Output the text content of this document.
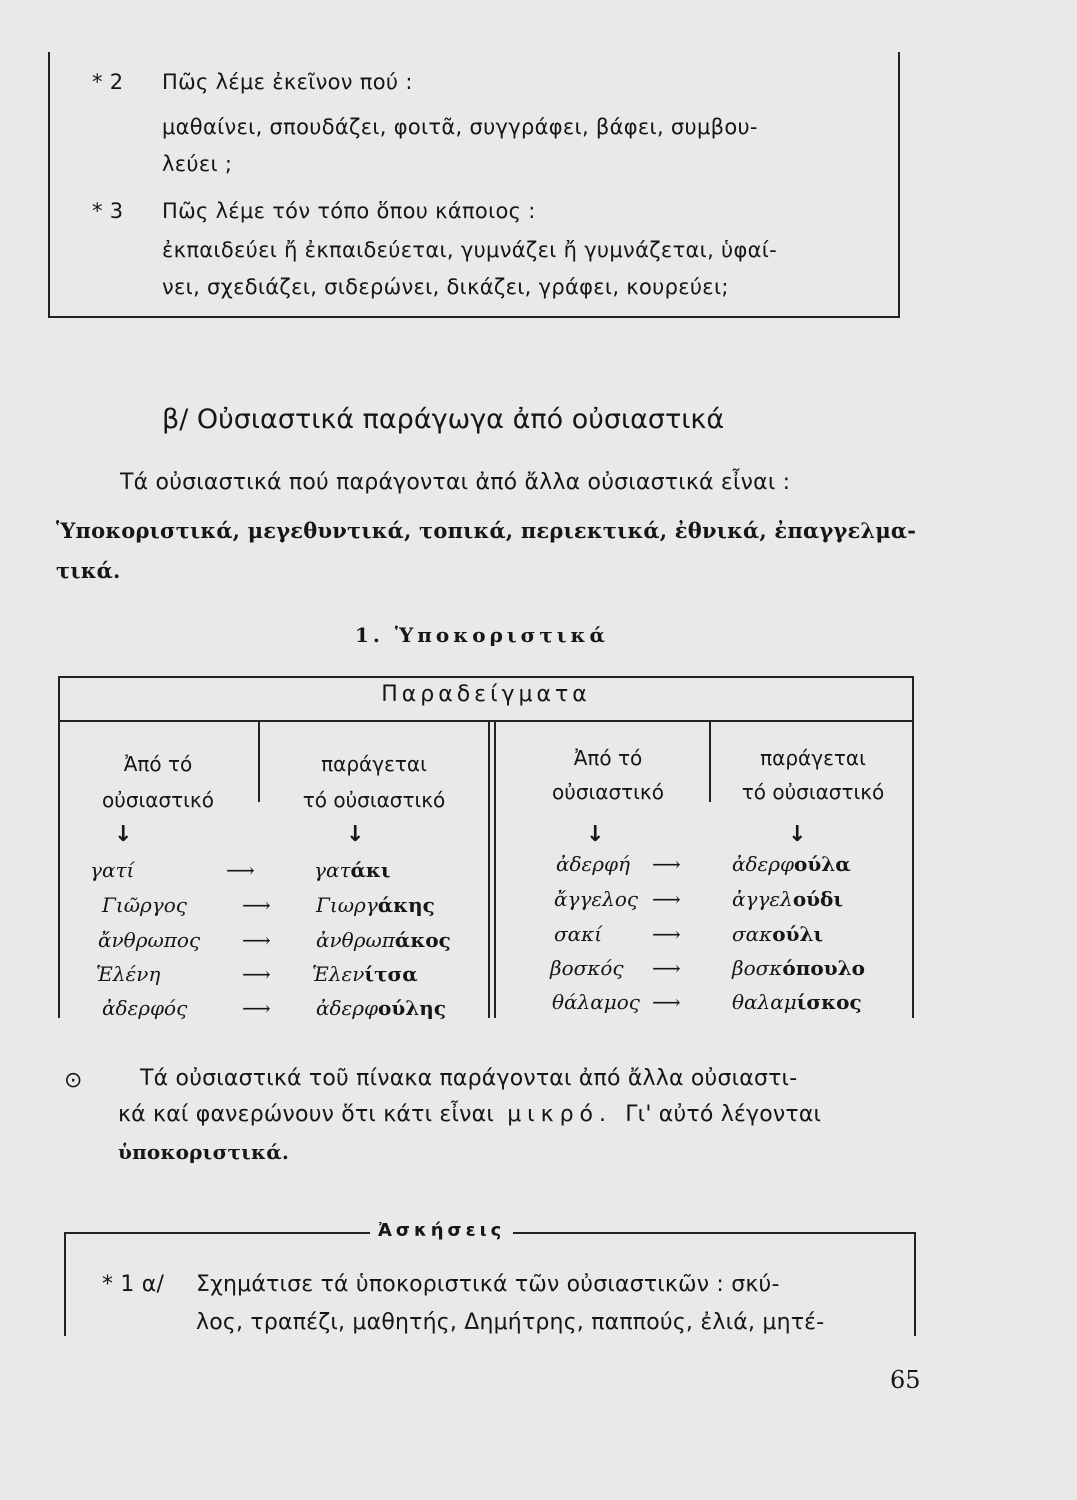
* 2 Πῶς λέμε ἐκεῖνον πού :
μαθαίνει, σπουδάζει, φοιτᾶ, συγγράφει, βάφει, συμβου-
λεύει ;
* 3 Πῶς λέμε τόν τόπο ὅπου κάποιος :
ἐκπαιδεύει ἤ ἐκπαιδεύεται, γυμνάζει ἤ γυμνάζεται, ὑφαί-
νει, σχεδιάζει, σιδερώνει, δικάζει, γράφει, κουρεύει;
β/ Οὐσιαστικά παράγωγα ἀπό οὐσιαστικά
Τά οὐσιαστικά πού παράγονται ἀπό ἄλλα οὐσιαστικά εἶναι :
Ὑποκοριστικά, μεγεθυντικά, τοπικά, περιεκτικά, ἐθνικά, ἐπαγγελμα-
τικά.
1. Ὑποκοριστικά
Παραδείγματα
Ἀπό τό
οὐσιαστικό
παράγεται
τό οὐσιαστικό
Ἀπό τό
οὐσιαστικό
παράγεται
τό οὐσιαστικό
↓	↓	↓	↓
γατί	⟶	γατάκι
Γιῶργος	⟶ Γιωργάκης
ἄνθρωπος ⟶ ἀνθρωπάκος
Ἑλένη	⟶ Ἑλενίτσα
ἀδερφός	⟶ ἀδερφούλης
ἀδερφή ⟶	ἀδερφούλα
ἄγγελος ⟶	ἀγγελούδι
σακί ⟶	σακούλι
βοσκός ⟶	βοσκόπουλο
θάλαμος ⟶	θαλαμίσκος
⊙	Τά οὐσιαστικά τοῦ πίνακα παράγονται ἀπό ἄλλα οὐσιαστι-
κά καί φανερώνουν ὅτι κάτι εἶναι μικρό. Γι' αὐτό λέγονται
ὑποκοριστικά.
Ἀσκήσεις
* 1 α/ Σχημάτισε τά ὑποκοριστικά τῶν οὐσιαστικῶν : σκύ-
λος, τραπέζι, μαθητής, Δημήτρης, παππούς, ἐλιά, μητέ-
65
